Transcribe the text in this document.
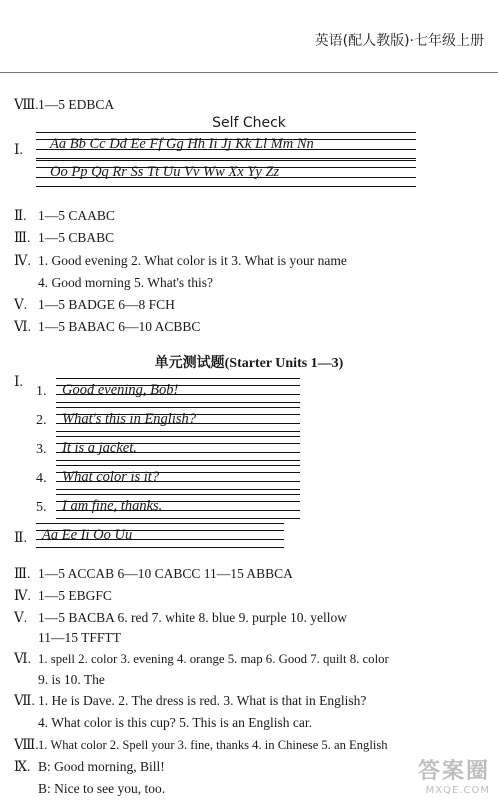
英语(配人教版)·七年级上册
Ⅷ. 1—5 EDBCA
Self Check
Ⅰ. Aa Bb Cc Dd Ee Ff Gg Hh Ii Jj Kk Ll Mm Nn
Oo Pp Qq Rr Ss Tt Uu Vv Ww Xx Yy Zz
Ⅱ. 1—5 CAABC
Ⅲ. 1—5 CBABC
Ⅳ. 1. Good evening 2. What color is it 3. What is your name
4. Good morning 5. What's this?
Ⅴ. 1—5 BADGE 6—8 FCH
Ⅵ. 1—5 BABAC 6—10 ACBBC
单元测试题(Starter Units 1—3)
Ⅰ.
1. Good evening, Bob!
2. What's this in English?
3. It is a jacket.
4. What color is it?
5. I am fine, thanks.
Ⅱ. Aa Ee Ii Oo Uu
Ⅲ. 1—5 ACCAB 6—10 CABCC 11—15 ABBCA
Ⅳ. 1—5 EBGFC
Ⅴ. 1—5 BACBA 6. red 7. white 8. blue 9. purple 10. yellow
11—15 TFFTT
Ⅵ. 1. spell 2. color 3. evening 4. orange 5. map 6. Good 7. quilt 8. color
9. is 10. The
Ⅶ. 1. He is Dave. 2. The dress is red. 3. What is that in English?
4. What color is this cup? 5. This is an English car.
Ⅷ. 1. What color 2. Spell your 3. fine, thanks 4. in Chinese 5. an English
Ⅸ. B: Good morning, Bill!
B: Nice to see you, too.
答案圈
MXQE.COM
